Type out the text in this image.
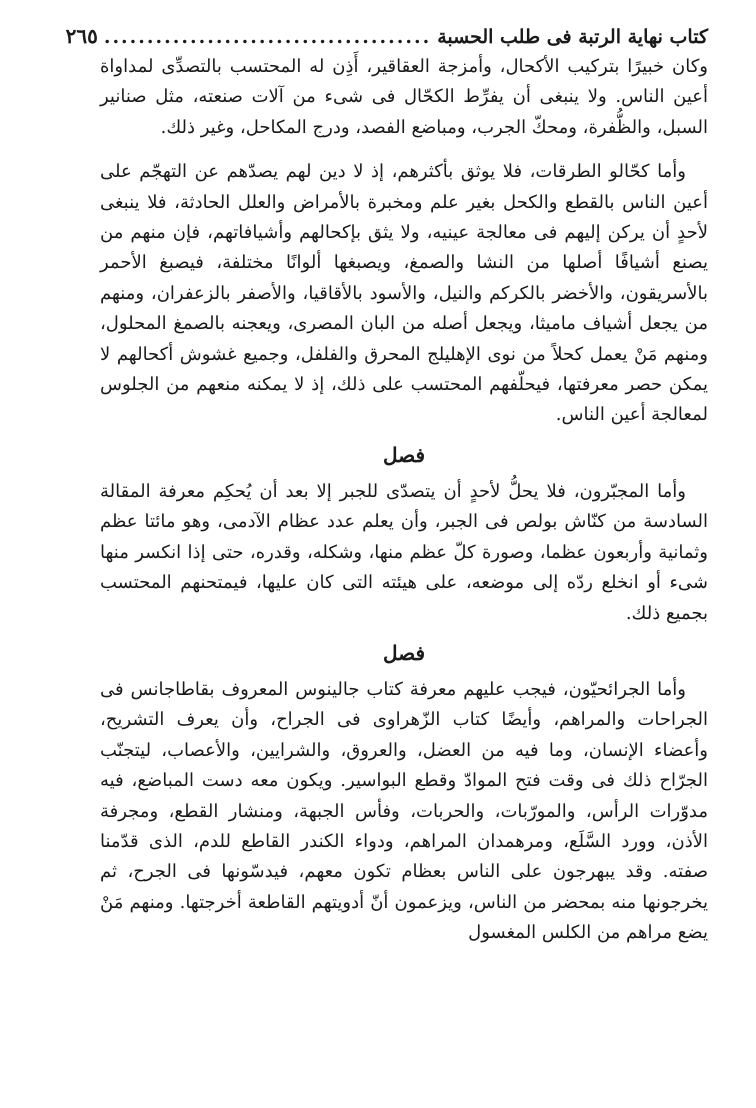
كتاب نهاية الرتبة فى طلب الحسبة
......................................
٢٦٥

وكان خبيرًا بتركيب الأكحال، وأمزجة العقاقير، أَذِن له المحتسب بالتصدِّى لمداواة أعين الناس. ولا ينبغى أن يفرِّط الكحّال فى شىء من آلات صنعته، مثل صنانير السبل، والظُّفرة، ومحكّ الجرب، ومباضع الفصد، ودرج المكاحل، وغير ذلك.

وأما كحّالو الطرقات، فلا يوثق بأكثرهم، إذ لا دين لهم يصدّهم عن التهجّم على أعين الناس بالقطع والكحل بغير علم ومخبرة بالأمراض والعلل الحادثة، فلا ينبغى لأحدٍ أن يركن إليهم فى معالجة عينيه، ولا يثق بإكحالهم وأشيافاتهم، فإن منهم من يصنع أشيافًا أصلها من النشا والصمغ، ويصبغها ألوانًا مختلفة، فيصبغ الأحمر بالأسريقون، والأخضر بالكركم والنيل، والأسود بالأقاقيا، والأصفر بالزعفران، ومنهم من يجعل أشياف ماميثا، ويجعل أصله من البان المصرى، ويعجنه بالصمغ المحلول، ومنهم مَنْ يعمل كحلاً من نوى الإهليلج المحرق والفلفل، وجميع غشوش أكحالهم لا يمكن حصر معرفتها، فيحلّفهم المحتسب على ذلك، إذ لا يمكنه منعهم من الجلوس لمعالجة أعين الناس.

فصل

وأما المجبّرون، فلا يحلُّ لأحدٍ أن يتصدّى للجبر إلا بعد أن يُحكِم معرفة المقالة السادسة من كنّاش بولص فى الجبر، وأن يعلم عدد عظام الآدمى، وهو مائتا عظم وثمانية وأربعون عظما، وصورة كلّ عظم منها، وشكله، وقدره، حتى إذا انكسر منها شىء أو انخلع ردّه إلى موضعه، على هيئته التى كان عليها، فيمتحنهم المحتسب بجميع ذلك.

فصل

وأما الجرائحيّون، فيجب عليهم معرفة كتاب جالينوس المعروف بقاطاجانس فى الجراحات والمراهم، وأيضًا كتاب الزّهراوى فى الجراح، وأن يعرف التشريح، وأعضاء الإنسان، وما فيه من العضل، والعروق، والشرايين، والأعصاب، ليتجنّب الجرّاح ذلك فى وقت فتح الموادّ وقطع البواسير. ويكون معه دست المباضع، فيه مدوّرات الرأس، والمورّبات، والحربات، وفأس الجبهة، ومنشار القطع، ومجرفة الأذن، وورد السَّلَع، ومرهمدان المراهم، ودواء الكندر القاطع للدم، الذى قدّمنا صفته. وقد يبهرجون على الناس بعظام تكون معهم، فيدسّونها فى الجرح، ثم يخرجونها منه بمحضر من الناس، ويزعمون أنّ أدويتهم القاطعة أخرجتها. ومنهم مَنْ يضع مراهم من الكلس المغسول
